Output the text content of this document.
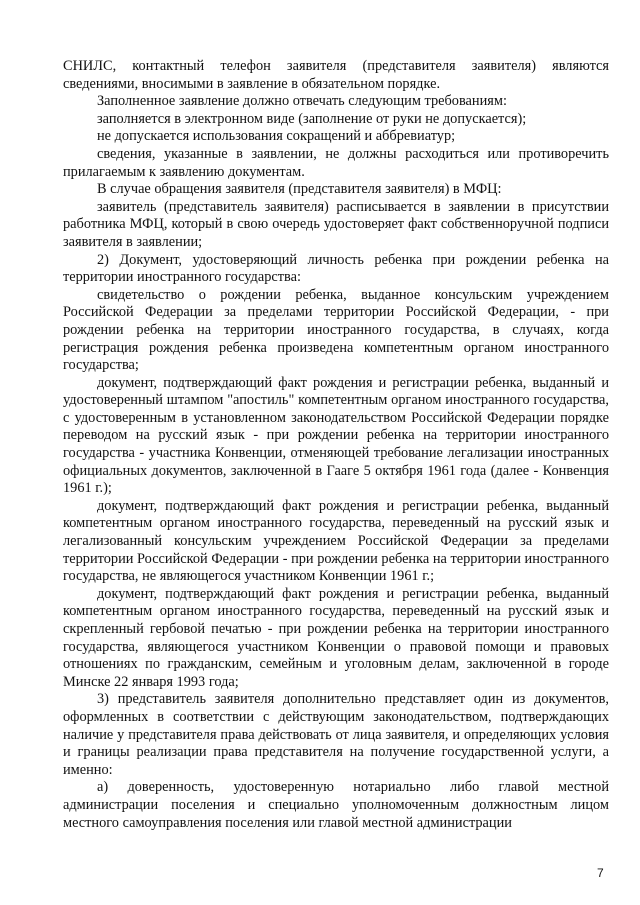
СНИЛС, контактный телефон заявителя (представителя заявителя) являются сведениями, вносимыми в заявление в обязательном порядке.

Заполненное заявление должно отвечать следующим требованиям:

заполняется в электронном виде (заполнение от руки не допускается);

не допускается использования сокращений и аббревиатур;

сведения, указанные в заявлении, не должны расходиться или противоречить прилагаемым к заявлению документам.

В случае обращения заявителя (представителя заявителя) в МФЦ:

заявитель (представитель заявителя) расписывается в заявлении в присутствии работника МФЦ, который в свою очередь удостоверяет факт собственноручной подписи заявителя в заявлении;

2) Документ, удостоверяющий личность ребенка при рождении ребенка на территории иностранного государства:

свидетельство о рождении ребенка, выданное консульским учреждением Российской Федерации за пределами территории Российской Федерации, - при рождении ребенка на территории иностранного государства, в случаях, когда регистрация рождения ребенка произведена компетентным органом иностранного государства;

документ, подтверждающий факт рождения и регистрации ребенка, выданный и удостоверенный штампом "апостиль" компетентным органом иностранного государства, с удостоверенным в установленном законодательством Российской Федерации порядке переводом на русский язык - при рождении ребенка на территории иностранного государства - участника Конвенции, отменяющей требование легализации иностранных официальных документов, заключенной в Гааге 5 октября 1961 года (далее - Конвенция 1961 г.);

документ, подтверждающий факт рождения и регистрации ребенка, выданный компетентным органом иностранного государства, переведенный на русский язык и легализованный консульским учреждением Российской Федерации за пределами территории Российской Федерации - при рождении ребенка на территории иностранного государства, не являющегося участником Конвенции 1961 г.;

документ, подтверждающий факт рождения и регистрации ребенка, выданный компетентным органом иностранного государства, переведенный на русский язык и скрепленный гербовой печатью - при рождении ребенка на территории иностранного государства, являющегося участником Конвенции о правовой помощи и правовых отношениях по гражданским, семейным и уголовным делам, заключенной в городе Минске 22 января 1993 года;

3) представитель заявителя дополнительно представляет один из документов, оформленных в соответствии с действующим законодательством, подтверждающих наличие у представителя права действовать от лица заявителя, и определяющих условия и границы реализации права представителя на получение государственной услуги, а именно:

а) доверенность, удостоверенную нотариально либо главой местной администрации поселения и специально уполномоченным должностным лицом местного самоуправления поселения или главой местной администрации

7
